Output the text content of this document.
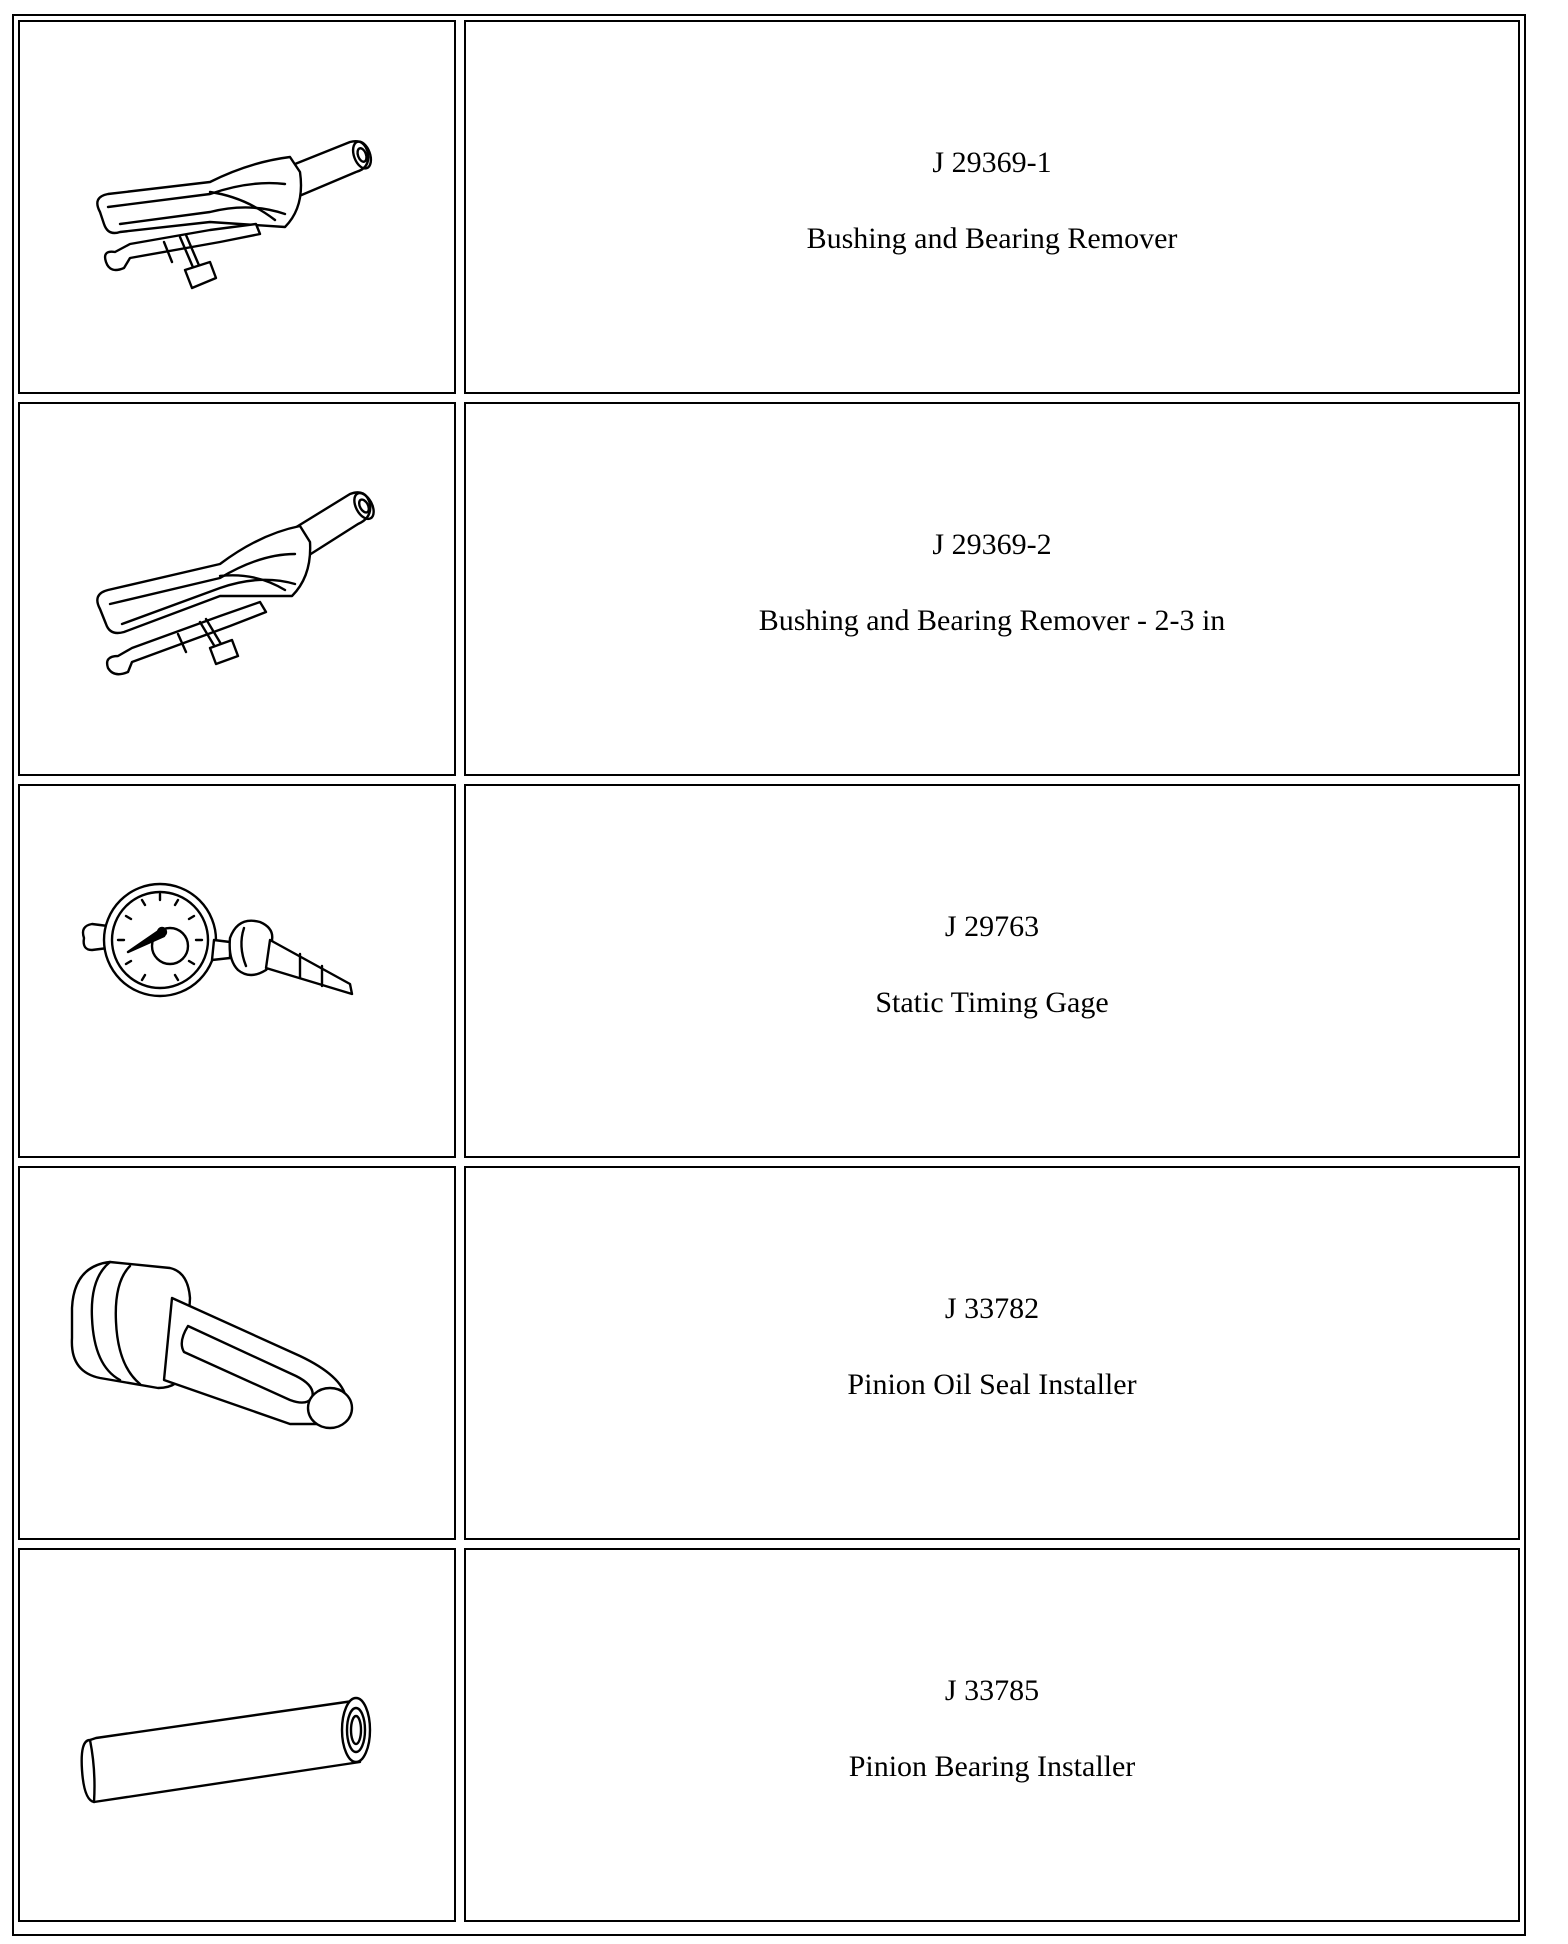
J 29369-1
Bushing and Bearing Remover
J 29369-2
Bushing and Bearing Remover - 2-3 in
J 29763
Static Timing Gage
J 33782
Pinion Oil Seal Installer
J 33785
Pinion Bearing Installer
